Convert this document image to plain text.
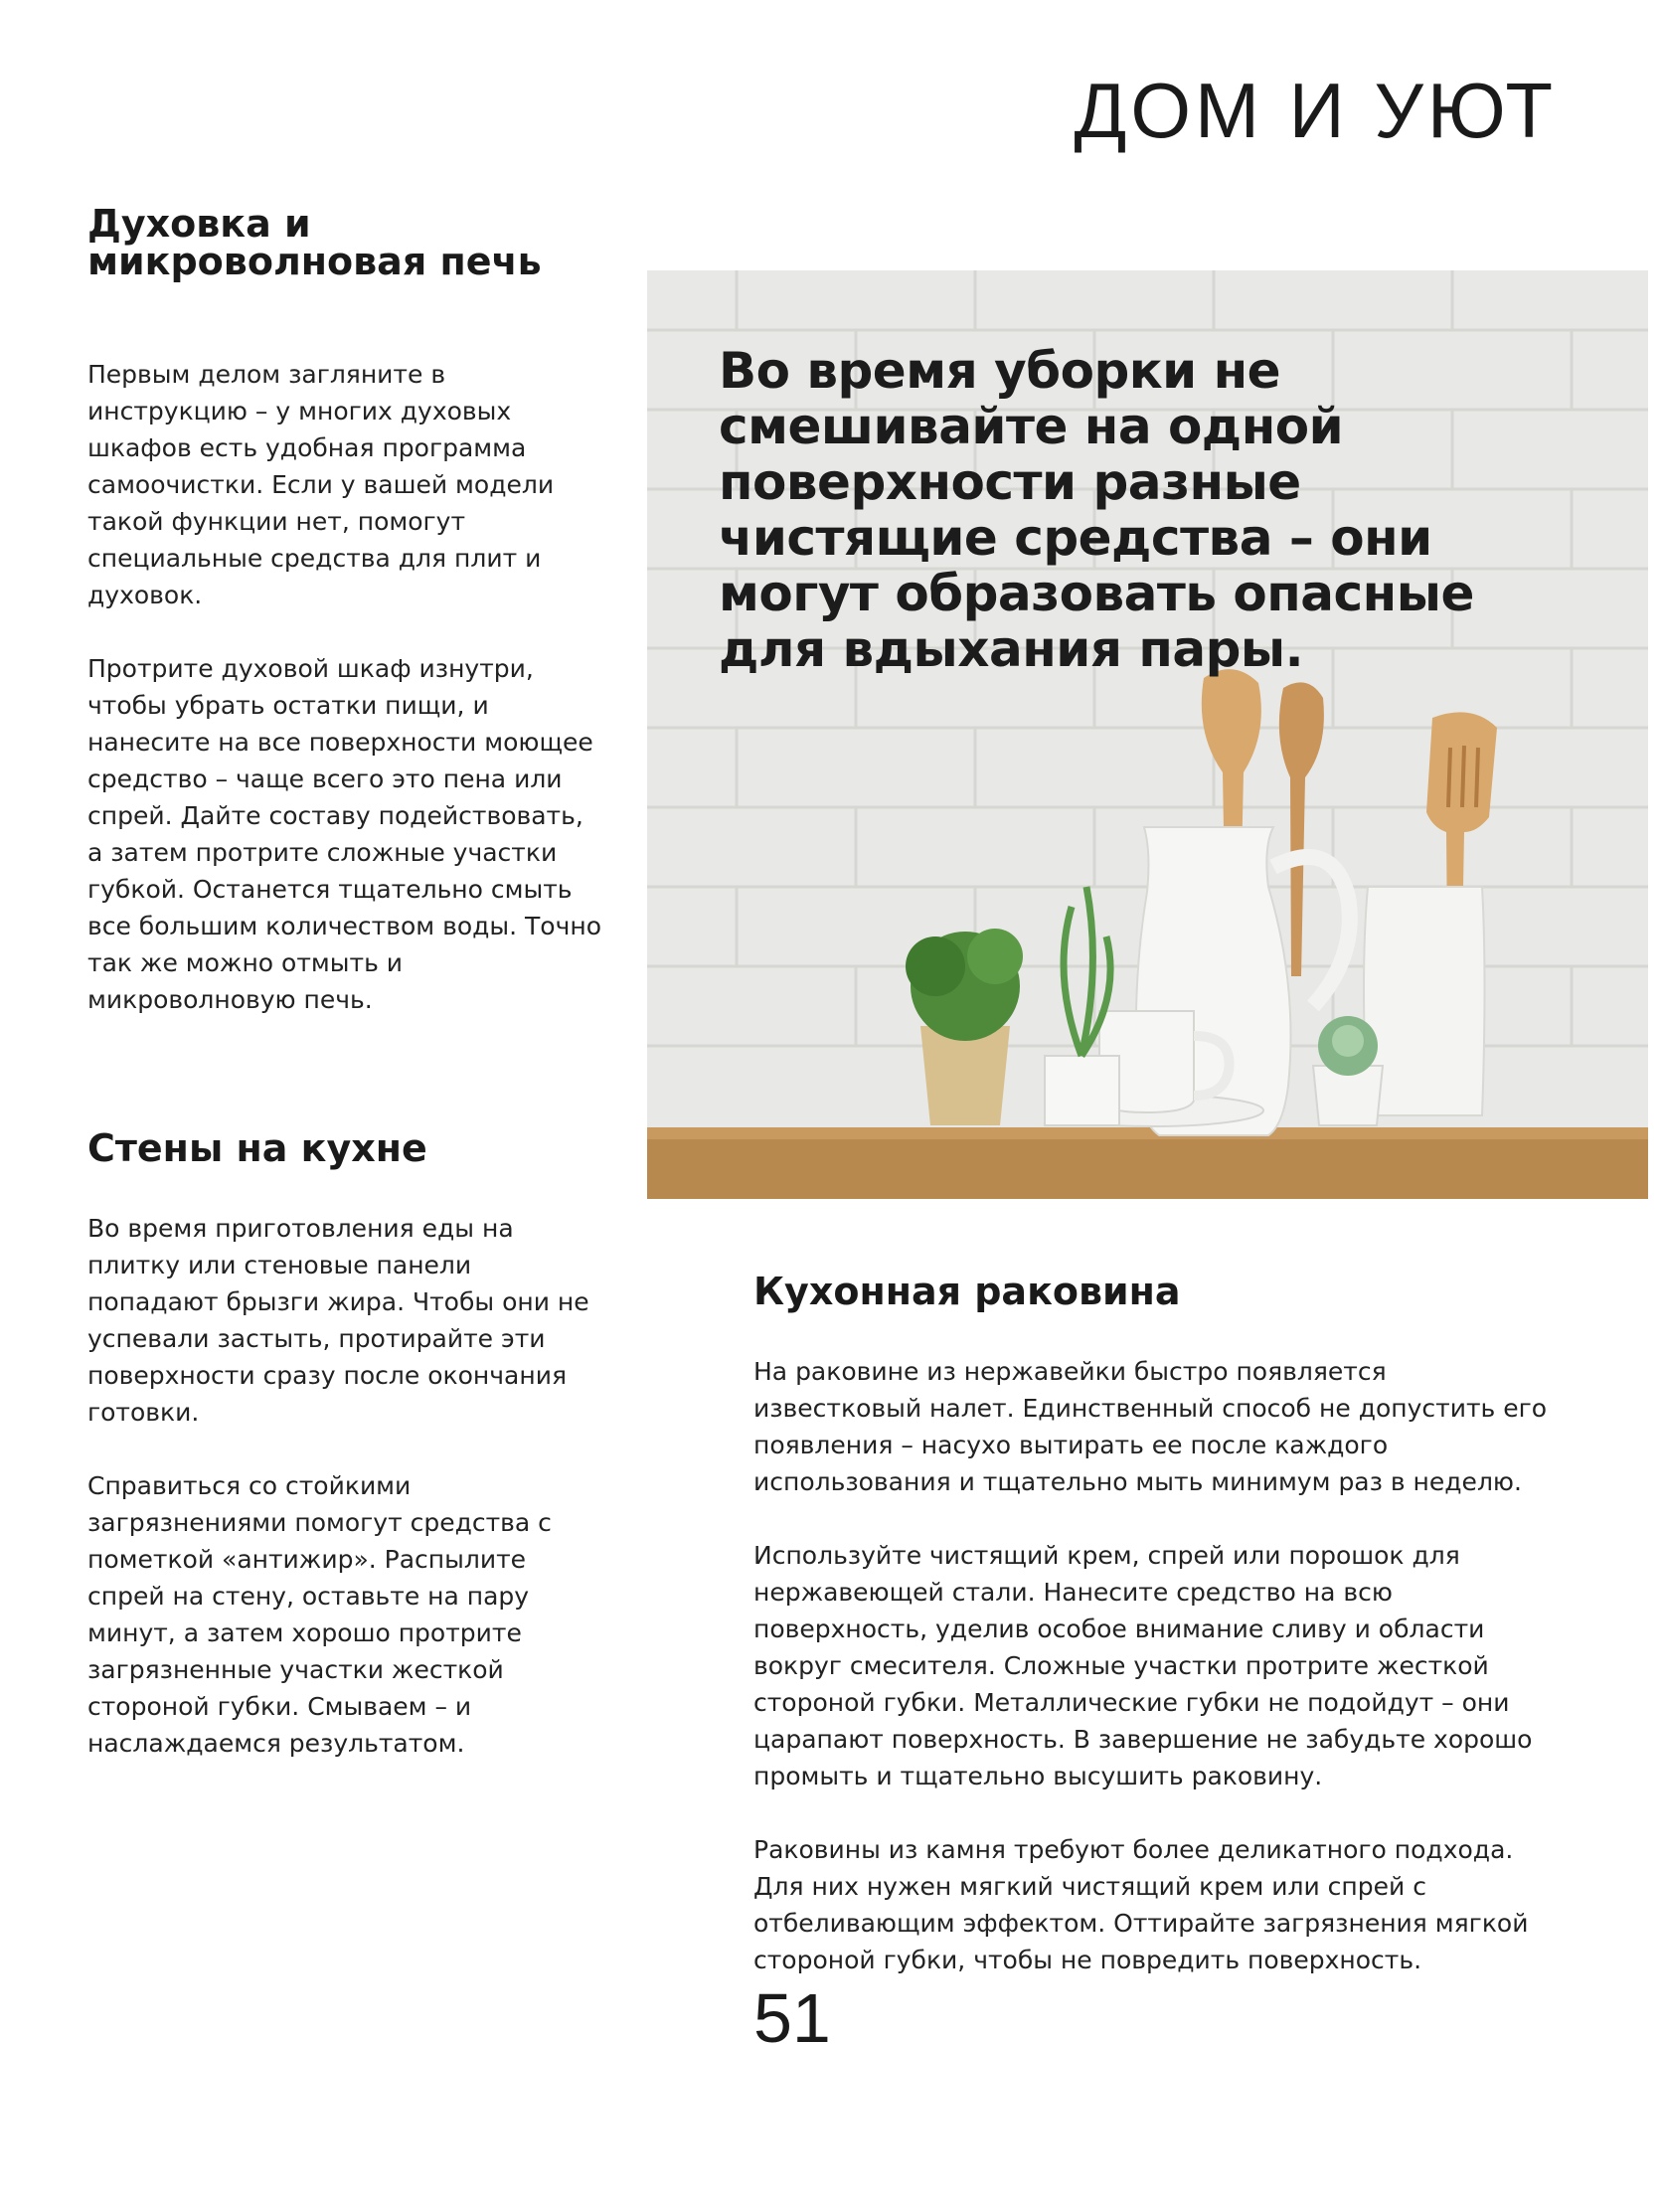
ДОМ И УЮТ
Духовка и микроволновая печь

Первым делом загляните в инструкцию – у многих духовых шкафов есть удобная программа самоочистки. Если у вашей модели такой функции нет, помогут специальные средства для плит и духовок.

Протрите духовой шкаф изнутри, чтобы убрать остатки пищи, и нанесите на все поверхности моющее средство – чаще всего это пена или спрей. Дайте составу подействовать, а затем протрите сложные участки губкой. Останется тщательно смыть все большим количеством воды. Точно так же можно отмыть и микроволновую печь.

Стены на кухне

Во время приготовления еды на плитку или стеновые панели попадают брызги жира. Чтобы они не успевали застыть, протирайте эти поверхности сразу после окончания готовки.

Справиться со стойкими загрязнениями помогут средства с пометкой «антижир». Распылите спрей на стену, оставьте на пару минут, а затем хорошо протрите загрязненные участки жесткой стороной губки. Смываем – и наслаждаемся результатом.

Во время уборки не смешивайте на одной поверхности разные чистящие средства – они могут образовать опасные для вдыхания пары.

Кухонная раковина

На раковине из нержавейки быстро появляется известковый налет. Единственный способ не допустить его появления – насухо вытирать ее после каждого использования и тщательно мыть минимум раз в неделю.

Используйте чистящий крем, спрей или порошок для нержавеющей стали. Нанесите средство на всю поверхность, уделив особое внимание сливу и области вокруг смесителя. Сложные участки протрите жесткой стороной губки. Металлические губки не подойдут – они царапают поверхность. В завершение не забудьте хорошо промыть и тщательно высушить раковину.

Раковины из камня требуют более деликатного подхода. Для них нужен мягкий чистящий крем или спрей с отбеливающим эффектом. Оттирайте загрязнения мягкой стороной губки, чтобы не повредить поверхность.

51
